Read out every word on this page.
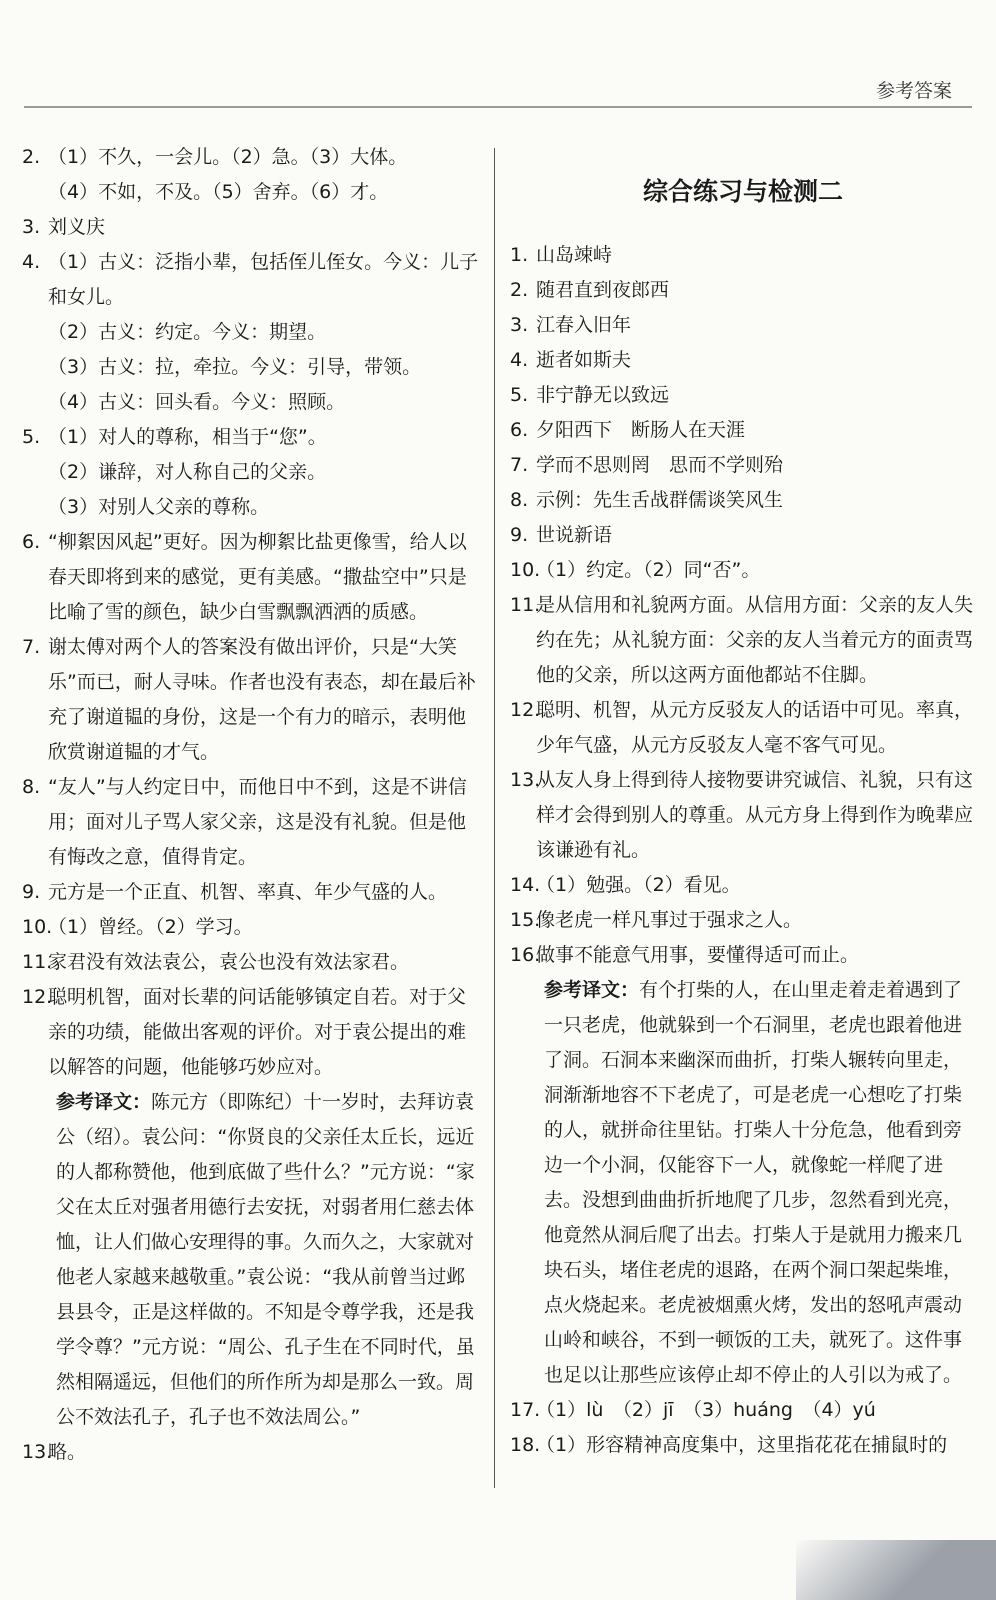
参考答案
2. （1）不久，一会儿。（2）急。（3）大体。
（4）不如，不及。（5）舍弃。（6）才。
3. 刘义庆
4. （1）古义：泛指小辈，包括侄儿侄女。今义：儿子和女儿。
（2）古义：约定。今义：期望。
（3）古义：拉，牵拉。今义：引导，带领。
（4）古义：回头看。今义：照顾。
5. （1）对人的尊称，相当于“您”。
（2）谦辞，对人称自己的父亲。
（3）对别人父亲的尊称。
6. “柳絮因风起”更好。因为柳絮比盐更像雪，给人以春天即将到来的感觉，更有美感。“撒盐空中”只是比喻了雪的颜色，缺少白雪飘飘洒洒的质感。
7. 谢太傅对两个人的答案没有做出评价，只是“大笑乐”而已，耐人寻味。作者也没有表态，却在最后补充了谢道韫的身份，这是一个有力的暗示，表明他欣赏谢道韫的才气。
8. “友人”与人约定日中，而他日中不到，这是不讲信用；面对儿子骂人家父亲，这是没有礼貌。但是他有悔改之意，值得肯定。
9. 元方是一个正直、机智、率真、年少气盛的人。
10.
（1）曾经。（2）学习。
11.
家君没有效法袁公，袁公也没有效法家君。
12.
聪明机智，面对长辈的问话能够镇定自若。对于父亲的功绩，能做出客观的评价。对于袁公提出的难以解答的问题，他能够巧妙应对。
参考译文：陈元方（即陈纪）十一岁时，去拜访袁公（绍）。袁公问：“你贤良的父亲任太丘长，远近的人都称赞他，他到底做了些什么？”元方说：“家父在太丘对强者用德行去安抚，对弱者用仁慈去体恤，让人们做心安理得的事。久而久之，大家就对他老人家越来越敬重。”袁公说：“我从前曾当过邺县县令，正是这样做的。不知是令尊学我，还是我学令尊？”元方说：“周公、孔子生在不同时代，虽然相隔遥远，但他们的所作所为却是那么一致。周公不效法孔子，孔子也不效法周公。”
13.
略。
综合练习与检测二
1. 山岛竦峙
2. 随君直到夜郎西
3. 江春入旧年
4. 逝者如斯夫
5. 非宁静无以致远
6. 夕阳西下　断肠人在天涯
7. 学而不思则罔　思而不学则殆
8. 示例：先生舌战群儒谈笑风生
9. 世说新语
10.
（1）约定。（2）同“否”。
11.
是从信用和礼貌两方面。从信用方面：父亲的友人失约在先；从礼貌方面：父亲的友人当着元方的面责骂他的父亲，所以这两方面他都站不住脚。
12.
聪明、机智，从元方反驳友人的话语中可见。率真，少年气盛，从元方反驳友人毫不客气可见。
13.
从友人身上得到待人接物要讲究诚信、礼貌，只有这样才会得到别人的尊重。从元方身上得到作为晚辈应该谦逊有礼。
14.
（1）勉强。（2）看见。
15.
像老虎一样凡事过于强求之人。
16.
做事不能意气用事，要懂得适可而止。
参考译文：有个打柴的人，在山里走着走着遇到了一只老虎，他就躲到一个石洞里，老虎也跟着他进了洞。石洞本来幽深而曲折，打柴人辗转向里走，洞渐渐地容不下老虎了，可是老虎一心想吃了打柴的人，就拼命往里钻。打柴人十分危急，他看到旁边一个小洞，仅能容下一人，就像蛇一样爬了进去。没想到曲曲折折地爬了几步，忽然看到光亮，他竟然从洞后爬了出去。打柴人于是就用力搬来几块石头，堵住老虎的退路，在两个洞口架起柴堆，点火烧起来。老虎被烟熏火烤，发出的怒吼声震动山岭和峡谷，不到一顿饭的工夫，就死了。这件事也足以让那些应该停止却不停止的人引以为戒了。
17.
（1）lù　（2）jī　（3）huáng　（4）yú
18.
（1）形容精神高度集中，这里指花花在捕鼠时的
